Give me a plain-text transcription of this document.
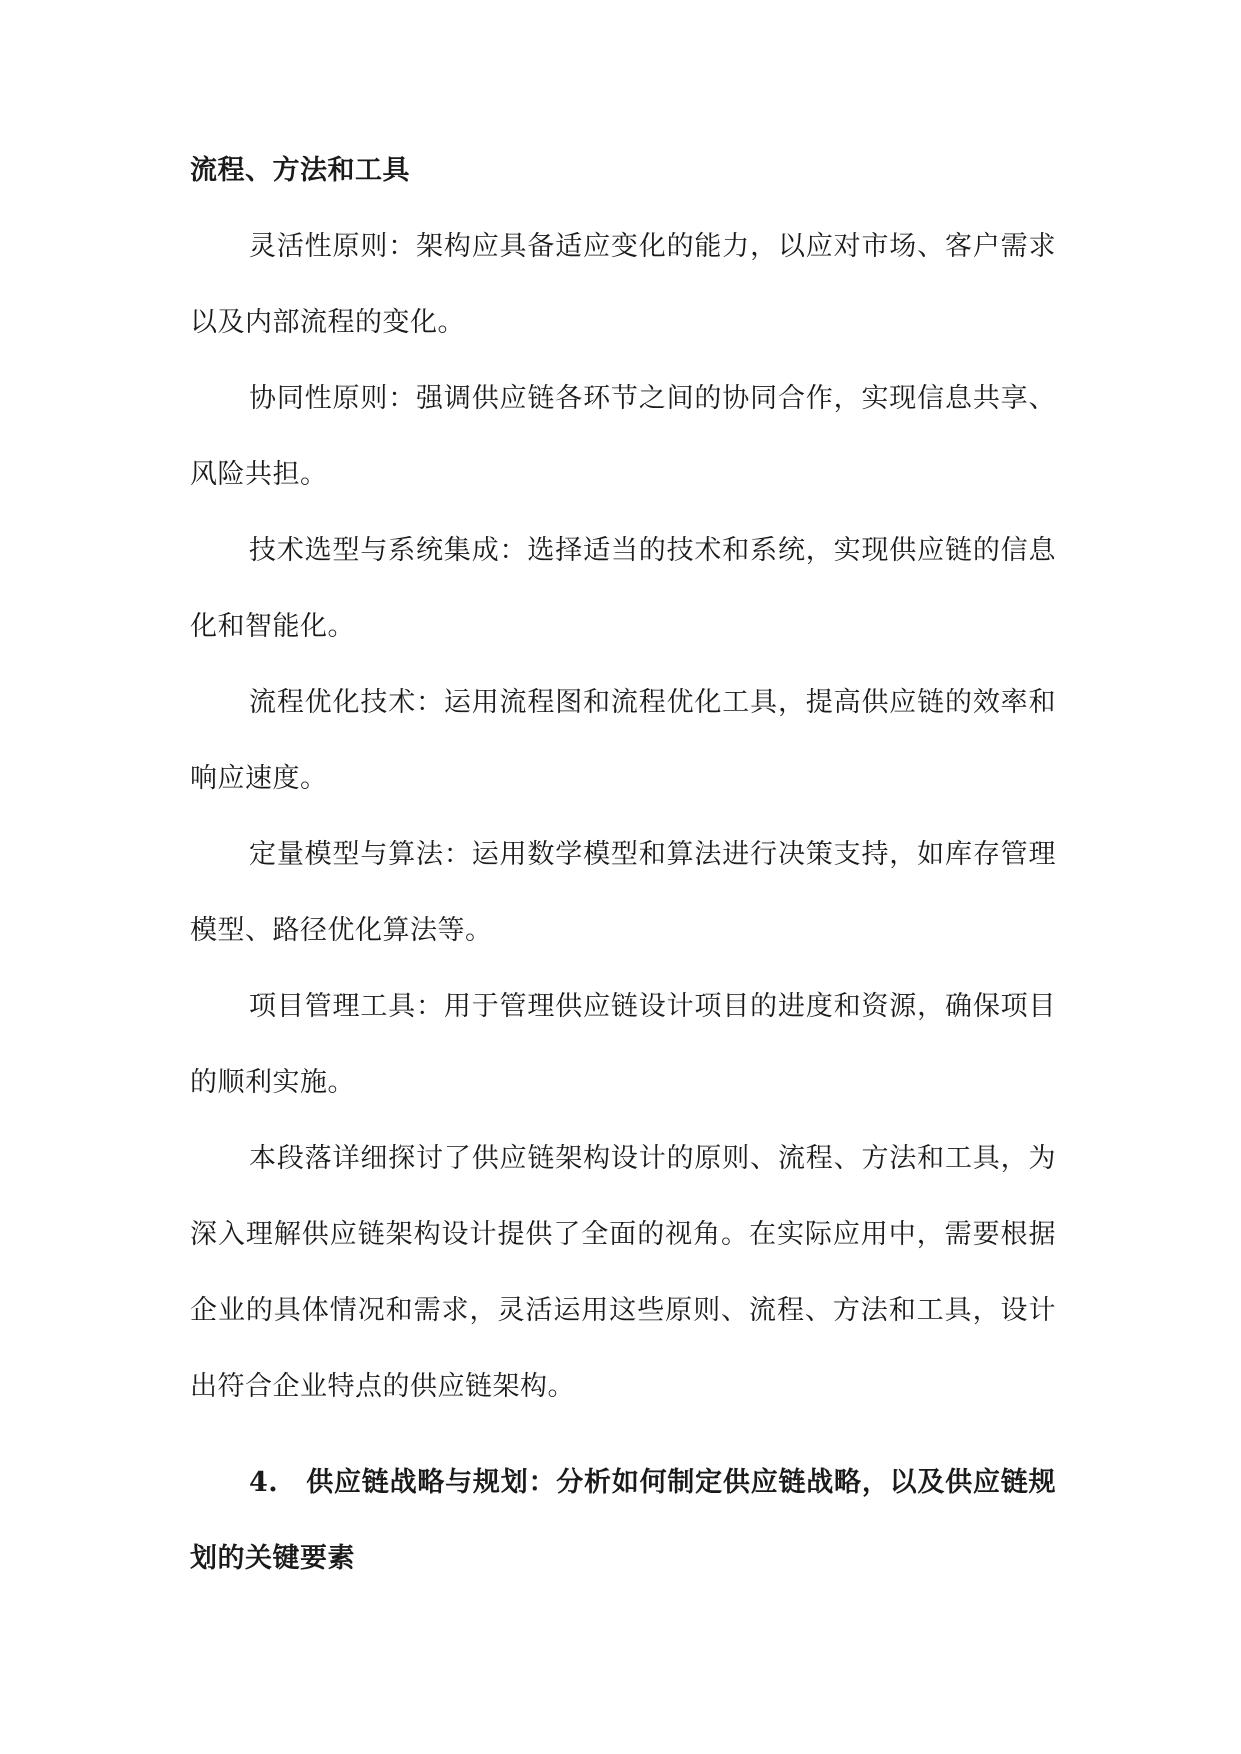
流程、方法和工具

灵活性原则：架构应具备适应变化的能力，以应对市场、客户需求以及内部流程的变化。

协同性原则：强调供应链各环节之间的协同合作，实现信息共享、风险共担。

技术选型与系统集成：选择适当的技术和系统，实现供应链的信息化和智能化。

流程优化技术：运用流程图和流程优化工具，提高供应链的效率和响应速度。

定量模型与算法：运用数学模型和算法进行决策支持，如库存管理模型、路径优化算法等。

项目管理工具：用于管理供应链设计项目的进度和资源，确保项目的顺利实施。

本段落详细探讨了供应链架构设计的原则、流程、方法和工具，为深入理解供应链架构设计提供了全面的视角。在实际应用中，需要根据企业的具体情况和需求，灵活运用这些原则、流程、方法和工具，设计出符合企业特点的供应链架构。

4.　供应链战略与规划：分析如何制定供应链战略，以及供应链规划的关键要素
